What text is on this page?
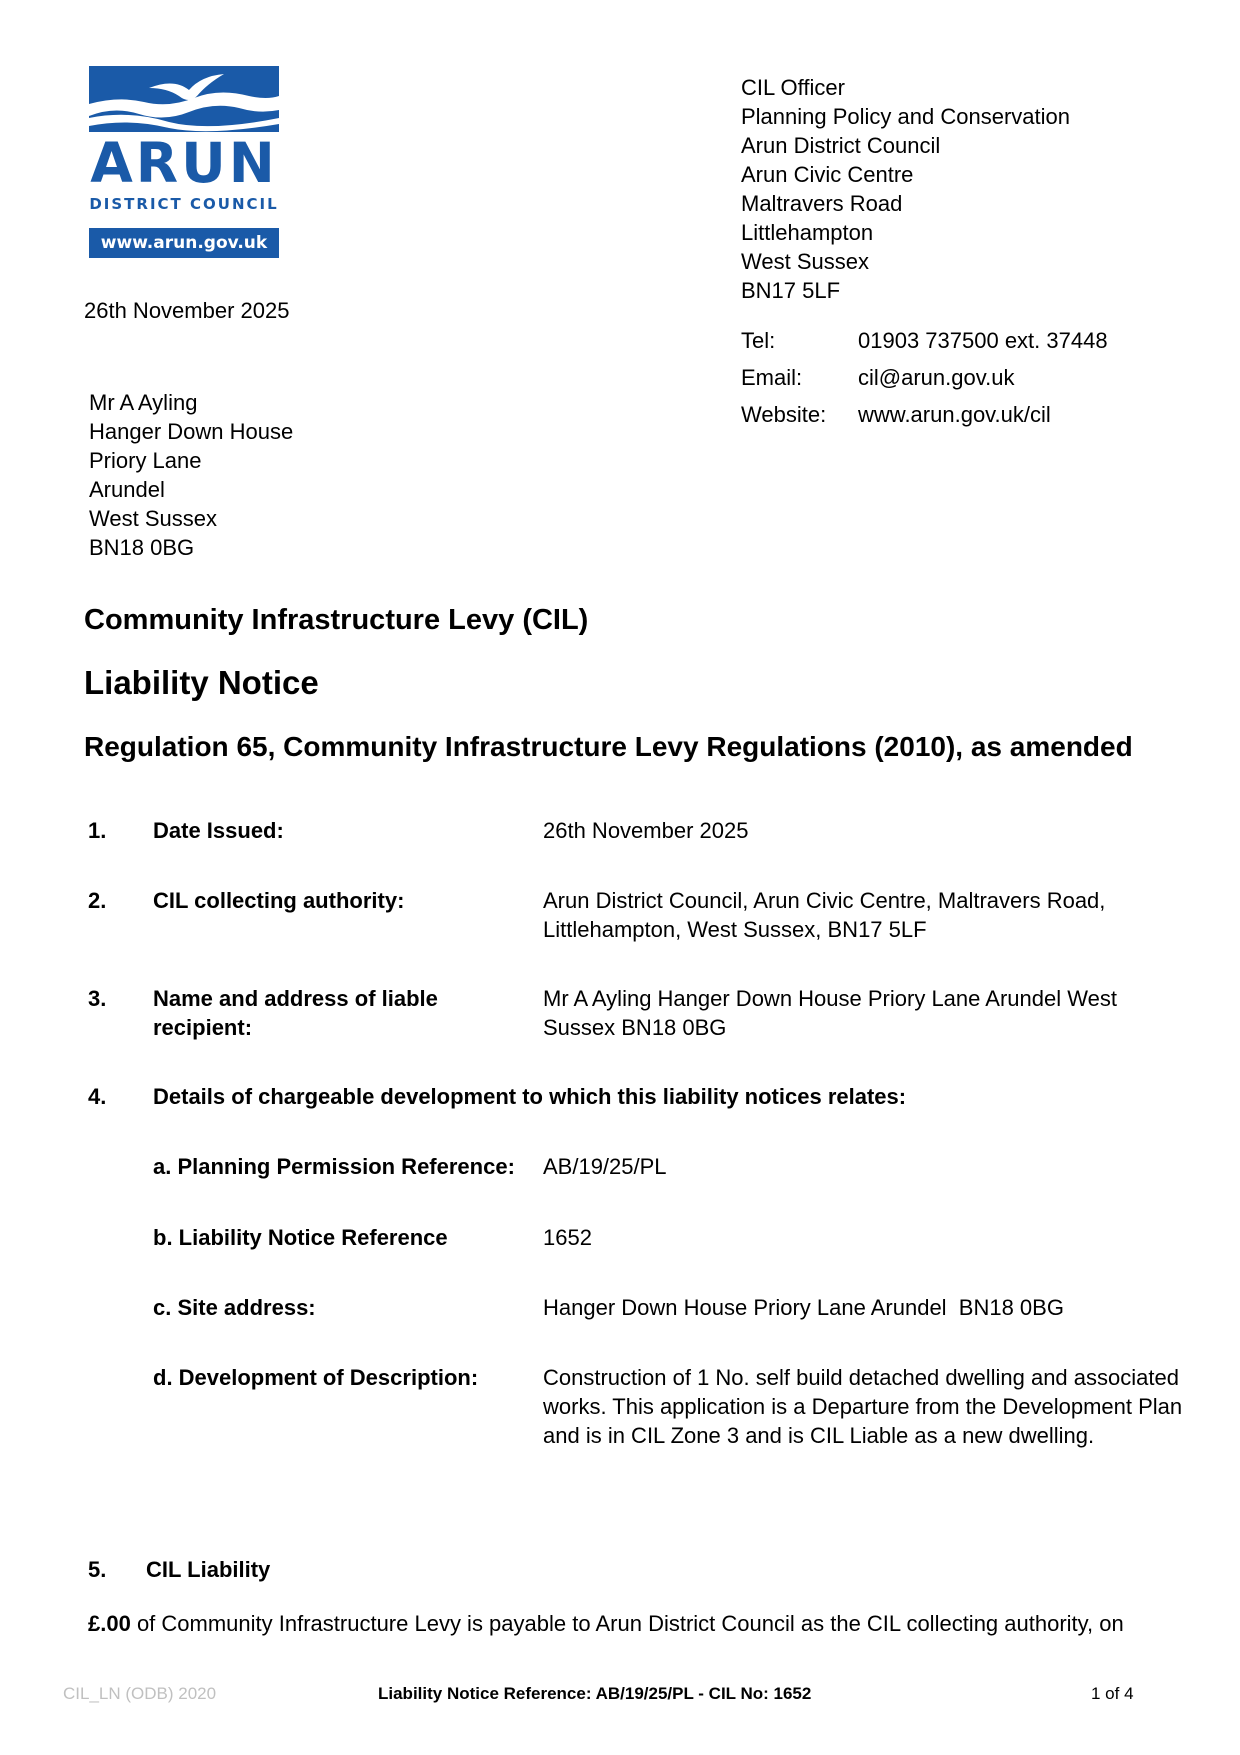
ARUN
DISTRICT COUNCIL
www.arun.gov.uk
CIL Officer
Planning Policy and Conservation
Arun District Council
Arun Civic Centre
Maltravers Road
Littlehampton
West Sussex
BN17 5LF
Tel:	01903 737500 ext. 37448
Email:	cil@arun.gov.uk
Website: www.arun.gov.uk/cil
26th November 2025
Mr A Ayling
Hanger Down House
Priory Lane
Arundel
West Sussex
BN18 0BG
Community Infrastructure Levy (CIL)
Liability Notice
Regulation 65, Community Infrastructure Levy Regulations (2010), as amended
1. Date Issued:	26th November 2025
2. CIL collecting authority:	Arun District Council, Arun Civic Centre, Maltravers Road, Littlehampton, West Sussex, BN17 5LF
3. Name and address of liable recipient:
Mr A Ayling Hanger Down House Priory Lane Arundel West Sussex BN18 0BG
4. Details of chargeable development to which this liability notices relates:
a. Planning Permission Reference:	AB/19/25/PL
b. Liability Notice Reference	1652
c. Site address:	Hanger Down House Priory Lane Arundel  BN18 0BG
d. Development of Description:	Construction of 1 No. self build detached dwelling and associated works. This application is a Departure from the Development Plan and is in CIL Zone 3 and is CIL Liable as a new dwelling.
5. CIL Liability
£.00 of Community Infrastructure Levy is payable to Arun District Council as the CIL collecting authority, on
CIL_LN (ODB) 2020	Liability Notice Reference: AB/19/25/PL - CIL No: 1652	1 of 4
